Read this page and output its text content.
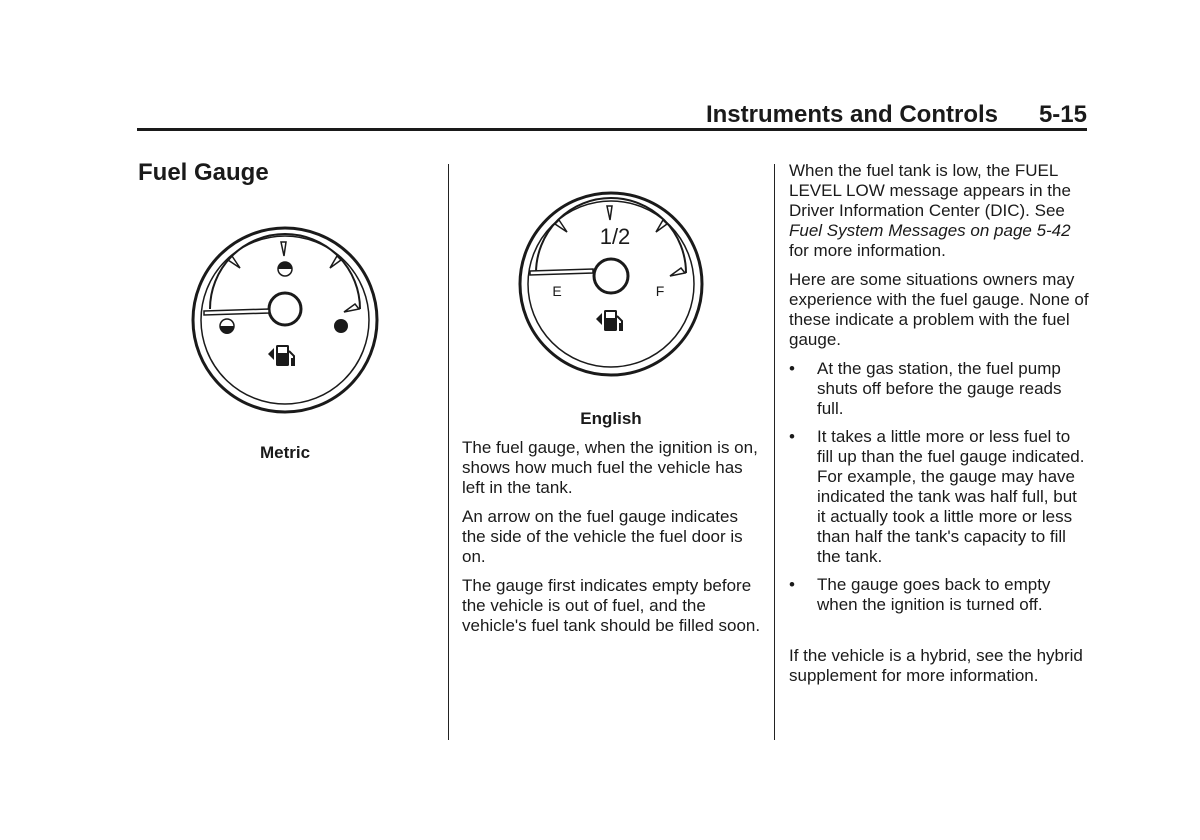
Instruments and Controls 5-15
Fuel Gauge
Metric
1/2
E	F
English

The fuel gauge, when the ignition is on, shows how much fuel the vehicle has left in the tank.

An arrow on the fuel gauge indicates the side of the vehicle the fuel door is on.

The gauge first indicates empty before the vehicle is out of fuel, and the vehicle's fuel tank should be filled soon.

When the fuel tank is low, the FUEL LEVEL LOW message appears in the Driver Information Center (DIC). See Fuel System Messages on page 5-42 for more information.

Here are some situations owners may experience with the fuel gauge. None of these indicate a problem with the fuel gauge.

• At the gas station, the fuel pump shuts off before the gauge reads full.
• It takes a little more or less fuel to fill up than the fuel gauge indicated. For example, the gauge may have indicated the tank was half full, but it actually took a little more or less than half the tank's capacity to fill the tank.
• The gauge goes back to empty when the ignition is turned off.

If the vehicle is a hybrid, see the hybrid supplement for more information.
